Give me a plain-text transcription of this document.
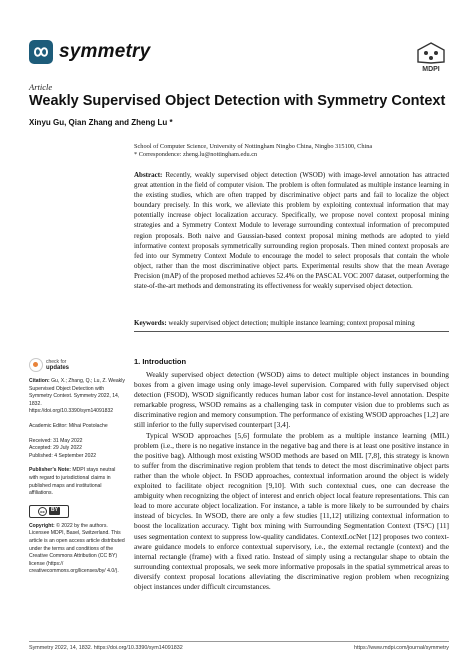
symmetry
MDPI
Article
Weakly Supervised Object Detection with Symmetry Context
Xinyu Gu, Qian Zhang and Zheng Lu *
School of Computer Science, University of Nottingham Ningbo China, Ningbo 315100, China
* Correspondence: zheng.lu@nottingham.edu.cn
Abstract: Recently, weakly supervised object detection (WSOD) with image-level annotation has attracted great attention in the field of computer vision. The problem is often formulated as multiple instance learning in the existing studies, which are often trapped by discriminative object parts and fail to localize the object boundary precisely. In this work, we alleviate this problem by exploiting contextual information that may potentially increase object localization accuracy. Specifically, we propose novel context proposal mining strategies and a Symmetry Context Module to leverage surrounding contextual information of precomputed region proposals. Both naive and Gaussian-based context proposal mining methods are adopted to yield informative context proposals symmetrically surrounding region proposals. Then mined context proposals are fed into our Symmetry Context Module to encourage the model to select proposals that contain the whole object, rather than the most discriminative object parts. Experimental results show that the mean Average Precision (mAP) of the proposed method achieves 52.4% on the PASCAL VOC 2007 dataset, outperforming the state-of-the-art methods and demonstrating its effectiveness for weakly supervised object detection.
Keywords: weakly supervised object detection; multiple instance learning; context proposal mining
check for
updates
Citation: Gu, X.; Zhang, Q.; Lu, Z. Weakly Supervised Object Detection with Symmetry Context. Symmetry 2022, 14, 1832. https://doi.org/10.3390/sym14091832
Academic Editor: Mihai Postolache
Received: 31 May 2022
Accepted: 29 July 2022
Published: 4 September 2022
Publisher’s Note: MDPI stays neutral with regard to jurisdictional claims in published maps and institutional affiliations.
cc	BY
Copyright: © 2022 by the authors. Licensee MDPI, Basel, Switzerland. This article is an open access article distributed under the terms and conditions of the Creative Commons Attribution (CC BY) license (https:// creativecommons.org/licenses/by/ 4.0/).
1. Introduction

Weakly supervised object detection (WSOD) aims to detect multiple object instances in bounding boxes from a given image using only image-level supervision. Compared with fully supervised object detection (FSOD), WSOD significantly reduces human labor cost for instance-level annotation. Despite remarkable progress, WSOD remains as a challenging task in computer vision due to problems such as discriminative region and memory consumption. The performance of existing WSOD approaches [1,2] are still inferior to the fully supervised counterpart [3,4].

Typical WSOD approaches [5,6] formulate the problem as a multiple instance learning (MIL) problem (i.e., there is no negative instance in the negative bag and there is at least one positive instance in the positive bag). Although most existing WSOD methods are based on MIL [7,8], this strategy is known to suffer from the discriminative region problem that tends to detect the most discriminative object parts rather than the whole object. In FSOD approaches, contextual information around the object is widely exploited to facilitate object recognition [9,10]. With such contextual cues, one can decrease the ambiguity when recognizing the object of interest and enrich object local feature representations. This can lead to more accurate object localization. For instance, a table is more likely to be surrounded by chairs instead of bicycles. In WSOD, there are only a few studies [11,12] utilizing contextual information to boost the localization accuracy. Tight box mining with Surrounding Segmentation Context (TS²C) [11] uses segmentation context to suppress low-quality candidates. ContextLocNet [12] proposes two context-aware guidance models to enforce contextual supervisory, i.e., the external rectangle (context) and the internal rectangle (frame) with a fixed ratio. Instead of simply using a rectangular shape to obtain the surrounding contextual proposals, we seek more informative proposals in the spatial symmetrical areas to diversify context proposal locations alleviating the discriminative region problem when recognizing object instances under difficult circumstances.

Symmetry 2022, 14, 1832. https://doi.org/10.3390/sym14091832	https://www.mdpi.com/journal/symmetry
